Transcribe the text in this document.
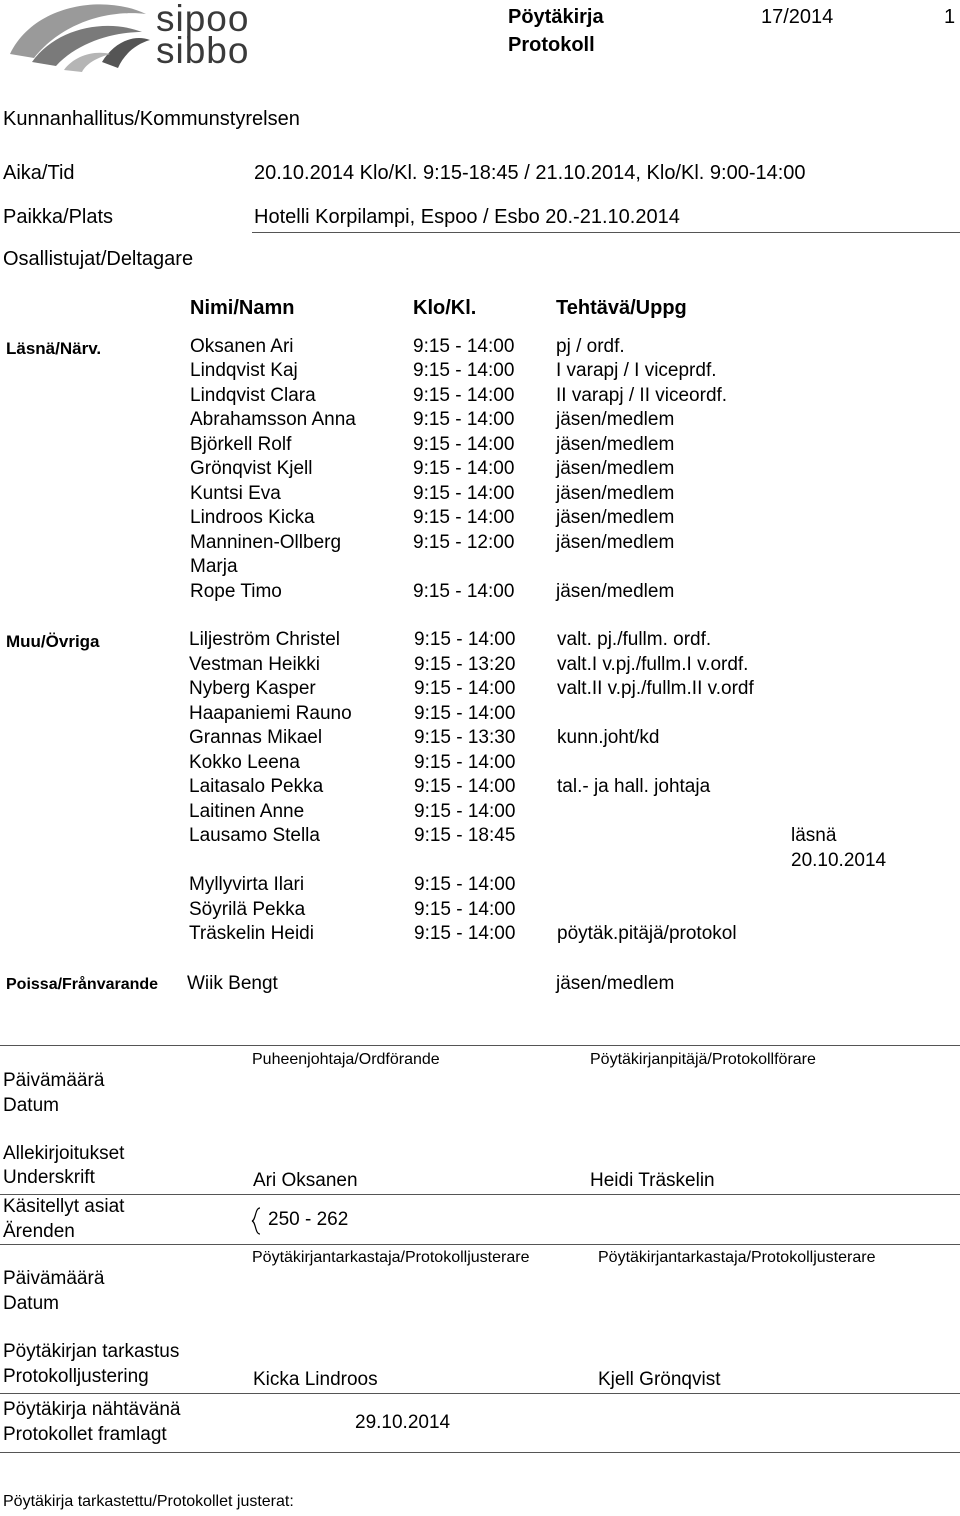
sipoo
sibbo
Pöytäkirja
Protokoll
17/2014	1
Kunnanhallitus/Kommunstyrelsen
Aika/Tid	20.10.2014 Klo/Kl. 9:15-18:45 / 21.10.2014, Klo/Kl. 9:00-14:00
Paikka/Plats	Hotelli Korpilampi, Espoo / Esbo 20.-21.10.2014
Osallistujat/Deltagare
Nimi/Namn	Klo/Kl.	Tehtävä/Uppg
Läsnä/Närv.	Oksanen Ari	9:15 - 14:00 pj / ordf.
Lindqvist Kaj	9:15 - 14:00 I varapj / I viceprdf.
Lindqvist Clara	9:15 - 14:00 II varapj / II viceordf.
Abrahamsson Anna	9:15 - 14:00 jäsen/medlem
Björkell Rolf	9:15 - 14:00 jäsen/medlem
Grönqvist Kjell	9:15 - 14:00 jäsen/medlem
Kuntsi Eva	9:15 - 14:00 jäsen/medlem
Lindroos Kicka	9:15 - 14:00 jäsen/medlem
Manninen-Ollberg	9:15 - 12:00 jäsen/medlem
Marja
Rope Timo	9:15 - 14:00 jäsen/medlem
Muu/Övriga	Liljeström Christel	9:15 - 14:00 valt. pj./fullm. ordf.
Vestman Heikki	9:15 - 13:20 valt.I v.pj./fullm.I v.ordf.
Nyberg Kasper	9:15 - 14:00 valt.II v.pj./fullm.II v.ordf
Haapaniemi Rauno	9:15 - 14:00
Grannas Mikael	9:15 - 13:30 kunn.joht/kd
Kokko Leena	9:15 - 14:00
Laitasalo Pekka	9:15 - 14:00 tal.- ja hall. johtaja
Laitinen Anne	9:15 - 14:00
Lausamo Stella	9:15 - 18:45	läsnä
20.10.2014
Myllyvirta Ilari	9:15 - 14:00
Söyrilä Pekka	9:15 - 14:00
Träskelin Heidi	9:15 - 14:00 pöytäk.pitäjä/protokol
Poissa/Frånvarande Wiik Bengt	jäsen/medlem
Puheenjohtaja/Ordförande	Pöytäkirjanpitäjä/Protokollförare
Päivämäärä
Datum
Allekirjoitukset
Underskrift	Ari Oksanen	Heidi Träskelin
Käsitellyt asiat
Ärenden
250 - 262
Pöytäkirjantarkastaja/Protokolljusterare	Pöytäkirjantarkastaja/Protokolljusterare
Päivämäärä
Datum
Pöytäkirjan tarkastus
Protokolljustering	Kicka Lindroos	Kjell Grönqvist
Pöytäkirja nähtävänä
Protokollet framlagt
29.10.2014
Pöytäkirja tarkastettu/Protokollet justerat:
